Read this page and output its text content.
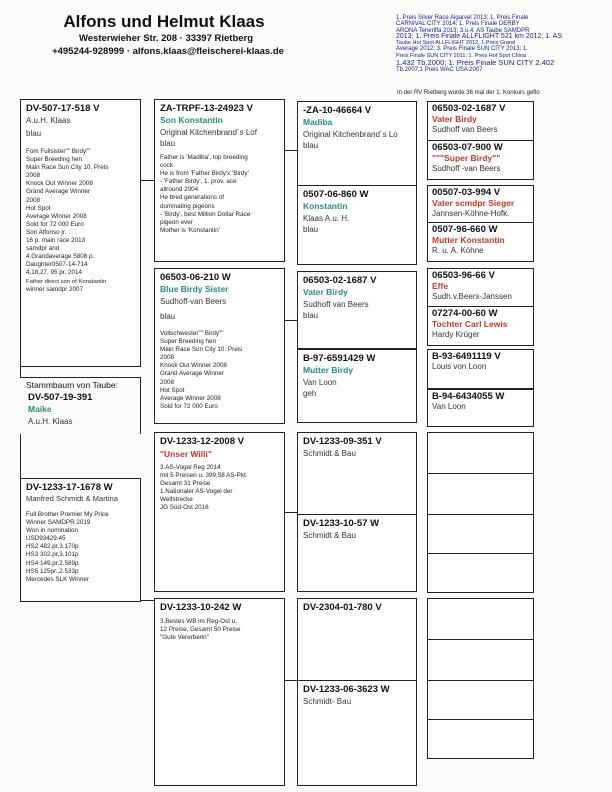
Alfons und Helmut Klaas
Westerwieher Str. 208 · 33397 Rietberg
+495244-928999 · alfons.klaas@fleischerei-klaas.de
1. Preis Silver Race Algarvel 2013; 1. Preis Finale
CARNIVAL CITY 2014; 1. Preis Finale DERBY
ARONA Teneriffa 2013; 3.u.4. AS Taube SAMDPR
2013; 1. Preis Finale ALLFLIGHT 521 km 2012; 1. AS
Taube Hot Spot ALLFLIGHT 2012, 1.Preis Grand
Average 2012; 3. Preis Finale SUN CITY 2013; 1.
Preis Finale SUN CITY 2011; 1. Preis Hot Spot China
1.432 Tb.2000; 1. Preis Finale SUN CITY 2.402
Tb.2007;1 Preis WAC USA 2007
In der RV Rietberg wurde 36 mal der 1. Konkurs geflo
DV-507-17-518 V
A.u.H. Klaas
blau
Fom Fullsister"" Birdy""
Super Breeding hen
Main Race Sun City 10. Preis
2008
Knock Out Winner 2008
Grand Average Winner
2008
Hot Spot
Average Winner 2008
Sold for 72 000 Euro
Son Alfonso jr.
16 p. main race 2013
samdpr and
4.Grandaverage 5808 p.
Daughter0507-14-714
4,18,27, 95 pr. 2014
Father direct son of Konstantin
winner samdpr 2007
Stammbaum von Taube:
DV-507-19-391
Maike
A.u.H. Klaas
DV-1233-17-1678 W
Manfred Schmidt & Martina
Full Brother Premier My Price
Winner SAMDPR 2019
Won in nomination
USD93429.45
HS2 482.pr,3.170p
HS3 302.pr,3.101p
HS4 149.pr,2.589p
HS5 125pr.,2.533p
Mercedes SLK Winner
ZA-TRPF-13-24923 V
Son Konstantin
Original Kitchenbrand´s Lof
blau
Father is 'Madiba', top breeding
cock
He is from 'Father Birdy'x 'Birdy'
- 'Father Birdy', 1. prov. ace
allround 2004
He bred generations of
dominating pigeons
- 'Birdy', best Million Dollar Race
pigeon ever
Mother is 'Konstantin'
06503-06-210 W
Blue Birdy Sister
Sudhoff-van Beers
blau
Vollschwester"" Birdy""
Super Breeding hen
Main Race Sun City 10. Preis
2008
Knock Out Winner 2008
Grand Average Winner
2008
Hot Spot
Average Winner 2008
Sold for 72 000 Euro
DV-1233-12-2008 V
"Unser Willi"
3.AS-Vogel Reg 2014
mit 5 Preisen u. 399,58 AS-Pkt.
Gesamt 31 Preise
1.Nationaler AS-Vogel der
Weltstrecke
JG Süd-Ost 2016
DV-1233-10-242 W
3.Bestes WB im Reg-Ost u.
12 Preise, Gesamt 50 Preise
"Gute Vererberin"
-ZA-10-46664 V
Madiba
Original Kitchenbrand´s Lo
blau
0507-06-860 W
Konstantin
Klaas A.u. H.
blau
06503-02-1687 V
Vater Birdy
Sudhoff van Beers
blau
B-97-6591429 W
Mutter Birdy
Van Loon
geh
DV-1233-09-351 V
Schmidt & Bau
DV-1233-10-57 W
Schmidt & Bau
DV-2304-01-780 V
DV-1233-06-3623 W
Schmidt- Bau
06503-02-1687 V
Vater Birdy
Sudhoff van Beers
06503-07-900 W
"""Super Birdy""
Sudhoff -van Beers
00507-03-994 V
Vater scmdpr Sieger
Jannsen-Köhne-Hofk.
0507-96-660 W
Mutter Konstantin
R. u. A. Köhne
06503-96-66 V
Effe
Sudh.v.Beers-Janssen
07274-00-60 W
Tochter Carl Lewis
Hardy Krüger
B-93-6491119 V
Louis von Loon
B-94-6434055 W
Van Loon
